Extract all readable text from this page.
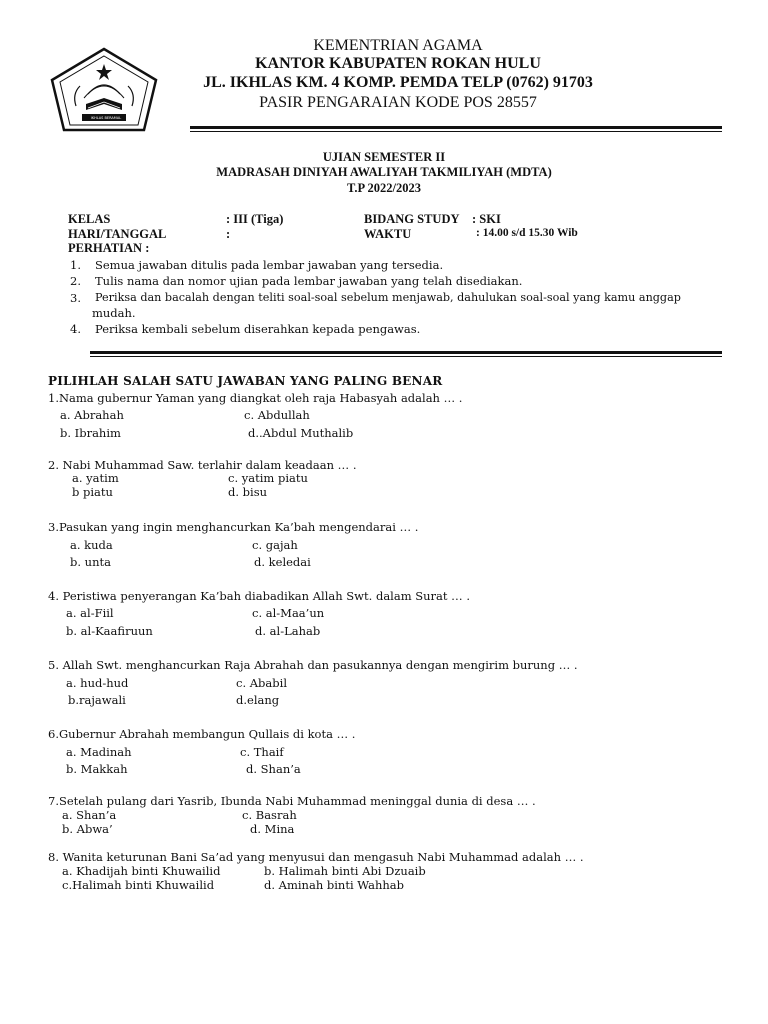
IKHLAS BERAMAL
KEMENTRIAN AGAMA
KANTOR KABUPATEN ROKAN HULU
JL. IKHLAS KM. 4 KOMP. PEMDA TELP (0762) 91703
PASIR PENGARAIAN KODE POS 28557
UJIAN SEMESTER II
MADRASAH DINIYAH AWALIYAH TAKMILIYAH (MDTA)
T.P 2022/2023
KELAS	: III (Tiga)	BIDANG STUDY : SKI
HARI/TANGGAL	:	WAKTU	: 14.00 s/d 15.30 Wib
PERHATIAN :
1. Semua jawaban ditulis pada lembar jawaban yang tersedia.
2. Tulis nama dan nomor ujian pada lembar jawaban yang telah disediakan.
3. Periksa dan bacalah dengan teliti soal-soal sebelum menjawab, dahulukan soal-soal yang kamu anggap
mudah.
4. Periksa kembali sebelum diserahkan kepada pengawas.
PILIHLAH SALAH SATU JAWABAN YANG PALING BENAR
1.Nama gubernur Yaman yang diangkat oleh raja Habasyah adalah … .
a. Abrahah	c. Abdullah
b. Ibrahim	d..Abdul Muthalib
2. Nabi Muhammad Saw. terlahir dalam keadaan … .
a. yatim	c. yatim piatu
b piatu	d. bisu
3.Pasukan yang ingin menghancurkan Ka’bah mengendarai … .
a. kuda	c. gajah
b. unta	d. keledai
4. Peristiwa penyerangan Ka’bah diabadikan Allah Swt. dalam Surat … .
a. al-Fiil	c. al-Maa’un
b. al-Kaafiruun	d. al-Lahab
5. Allah Swt. menghancurkan Raja Abrahah dan pasukannya dengan mengirim burung … .
a. hud-hud	c. Ababil
b.rajawali	d.elang
6.Gubernur Abrahah membangun Qullais di kota … .
a. Madinah	c. Thaif
b. Makkah	d. Shan’a
7.Setelah pulang dari Yasrib, Ibunda Nabi Muhammad meninggal dunia di desa … .
a. Shan’a	c. Basrah
b. Abwa’	d. Mina
8. Wanita keturunan Bani Sa’ad yang menyusui dan mengasuh Nabi Muhammad adalah … .
a. Khadijah binti Khuwailid	b. Halimah binti Abi Dzuaib
c.Halimah binti Khuwailid	d. Aminah binti Wahhab
